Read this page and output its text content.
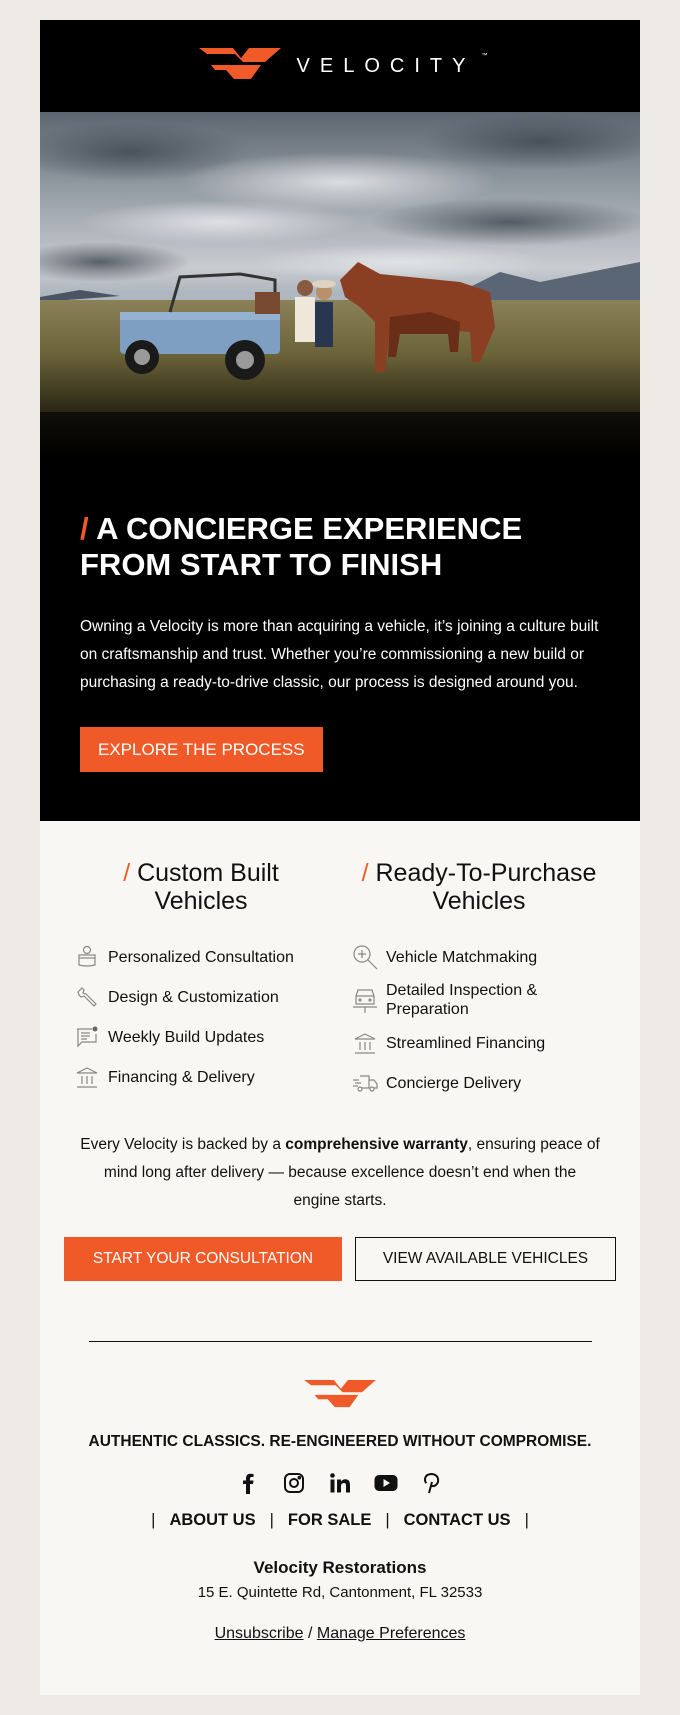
VELOCITY ™
/ A CONCIERGE EXPERIENCE
FROM START TO FINISH

Owning a Velocity is more than acquiring a vehicle, it’s joining a culture built on craftsmanship and trust. Whether you’re commissioning a new build or purchasing a ready-to-drive classic, our process is designed around you.

EXPLORE THE PROCESS
/ Custom Built
Vehicles
Personalized Consultation
Design & Customization
Weekly Build Updates
Financing & Delivery
/ Ready-To-Purchase
Vehicles
Vehicle Matchmaking
Detailed Inspection & Preparation
Streamlined Financing
Concierge Delivery

Every Velocity is backed by a comprehensive warranty, ensuring peace of mind long after delivery — because excellence doesn’t end when the engine starts.

START YOUR CONSULTATION	VIEW AVAILABLE VEHICLES

AUTHENTIC CLASSICS. RE-ENGINEERED WITHOUT COMPROMISE.

| ABOUT US | FOR SALE | CONTACT US |

Velocity Restorations

15 E. Quintette Rd, Cantonment, FL 32533

Unsubscribe / Manage Preferences
